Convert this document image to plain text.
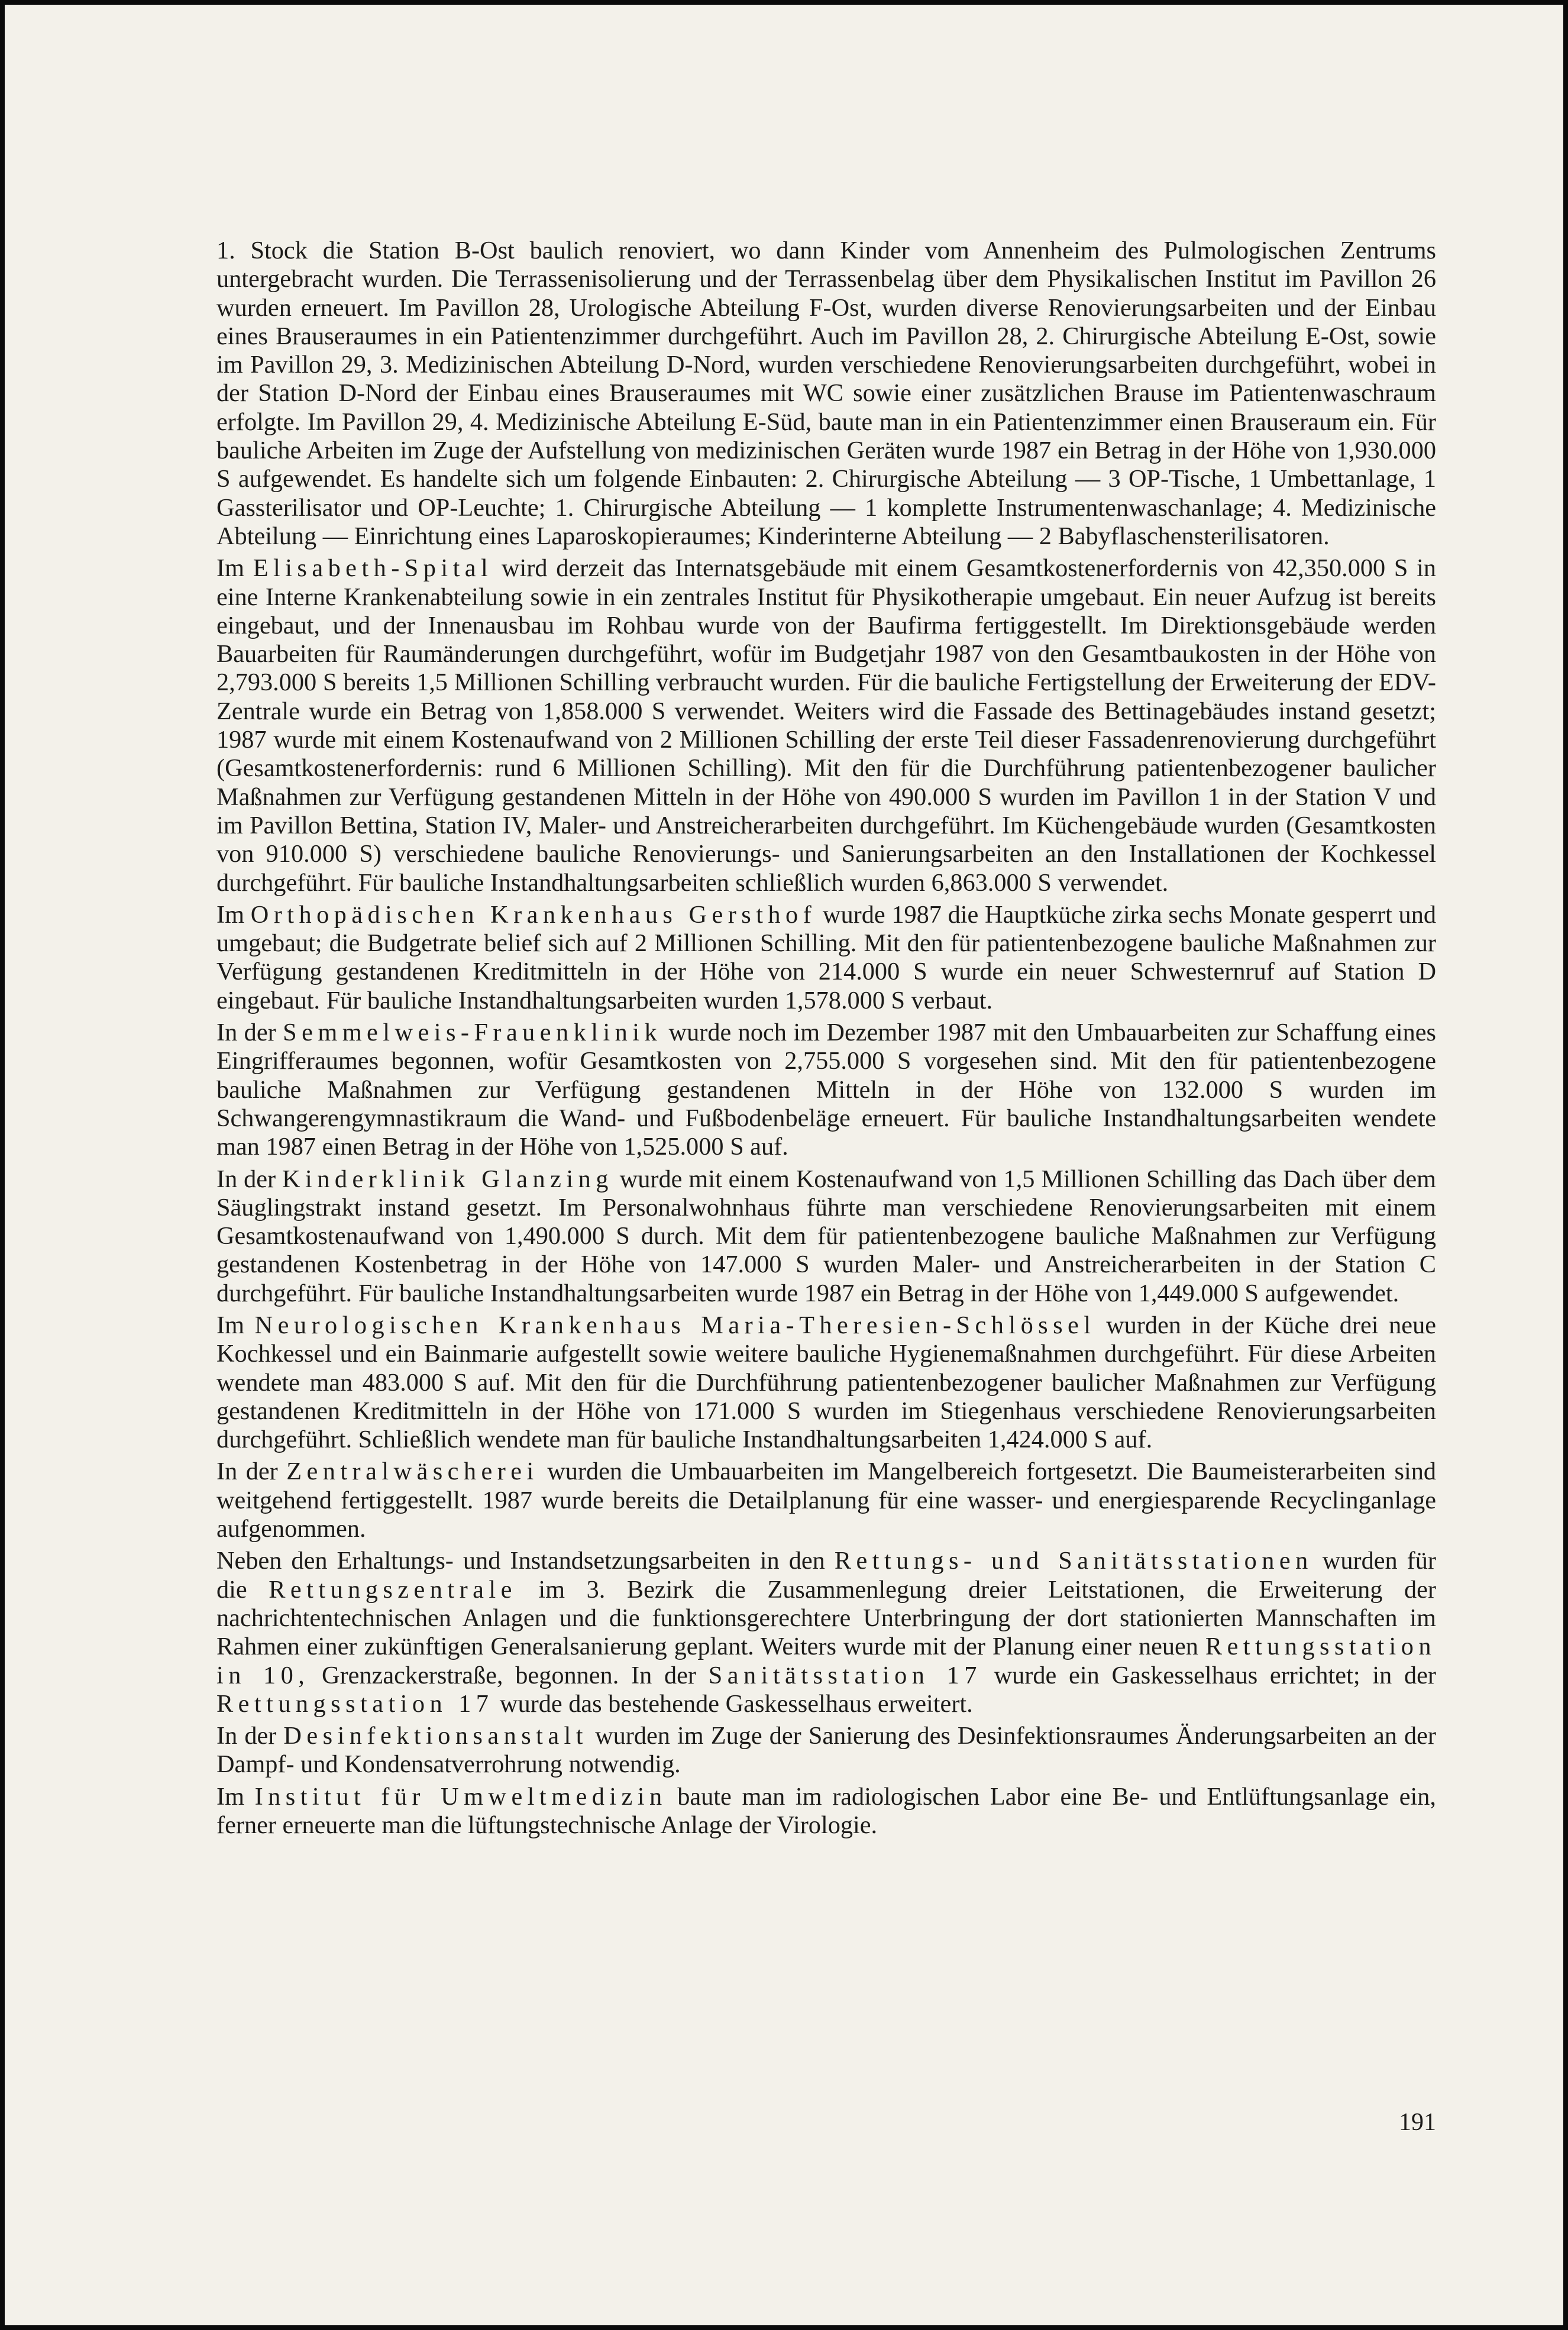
1. Stock die Station B-Ost baulich renoviert, wo dann Kinder vom Annenheim des Pulmologischen Zentrums untergebracht wurden. Die Terrassenisolierung und der Terrassenbelag über dem Physikalischen Institut im Pavillon 26 wurden erneuert. Im Pavillon 28, Urologische Abteilung F-Ost, wurden diverse Renovierungsarbeiten und der Einbau eines Brauseraumes in ein Patientenzimmer durchgeführt. Auch im Pavillon 28, 2. Chirurgische Abteilung E-Ost, sowie im Pavillon 29, 3. Medizinischen Abteilung D-Nord, wurden verschiedene Renovierungsarbeiten durchgeführt, wobei in der Station D-Nord der Einbau eines Brauseraumes mit WC sowie einer zusätzlichen Brause im Patientenwaschraum erfolgte. Im Pavillon 29, 4. Medizinische Abteilung E-Süd, baute man in ein Patientenzimmer einen Brauseraum ein. Für bauliche Arbeiten im Zuge der Aufstellung von medizinischen Geräten wurde 1987 ein Betrag in der Höhe von 1,930.000 S aufgewendet. Es handelte sich um folgende Einbauten: 2. Chirurgische Abteilung — 3 OP-Tische, 1 Umbettanlage, 1 Gassterilisator und OP-Leuchte; 1. Chirurgische Abteilung — 1 komplette Instrumentenwaschanlage; 4. Medizinische Abteilung — Einrichtung eines Laparoskopieraumes; Kinderinterne Abteilung — 2 Babyflaschensterilisatoren.

Im Elisabeth-Spital wird derzeit das Internatsgebäude mit einem Gesamtkostenerfordernis von 42,350.000 S in eine Interne Krankenabteilung sowie in ein zentrales Institut für Physikotherapie umgebaut. Ein neuer Aufzug ist bereits eingebaut, und der Innenausbau im Rohbau wurde von der Baufirma fertiggestellt. Im Direktionsgebäude werden Bauarbeiten für Raumänderungen durchgeführt, wofür im Budgetjahr 1987 von den Gesamtbaukosten in der Höhe von 2,793.000 S bereits 1,5 Millionen Schilling verbraucht wurden. Für die bauliche Fertigstellung der Erweiterung der EDV-Zentrale wurde ein Betrag von 1,858.000 S verwendet. Weiters wird die Fassade des Bettinagebäudes instand gesetzt; 1987 wurde mit einem Kostenaufwand von 2 Millionen Schilling der erste Teil dieser Fassadenrenovierung durchgeführt (Gesamtkostenerfordernis: rund 6 Millionen Schilling). Mit den für die Durchführung patientenbezogener baulicher Maßnahmen zur Verfügung gestandenen Mitteln in der Höhe von 490.000 S wurden im Pavillon 1 in der Station V und im Pavillon Bettina, Station IV, Maler- und Anstreicherarbeiten durchgeführt. Im Küchengebäude wurden (Gesamtkosten von 910.000 S) verschiedene bauliche Renovierungs- und Sanierungsarbeiten an den Installationen der Kochkessel durchgeführt. Für bauliche Instandhaltungsarbeiten schließlich wurden 6,863.000 S verwendet.

Im Orthopädischen Krankenhaus Gersthof wurde 1987 die Hauptküche zirka sechs Monate gesperrt und umgebaut; die Budgetrate belief sich auf 2 Millionen Schilling. Mit den für patientenbezogene bauliche Maßnahmen zur Verfügung gestandenen Kreditmitteln in der Höhe von 214.000 S wurde ein neuer Schwesternruf auf Station D eingebaut. Für bauliche Instandhaltungsarbeiten wurden 1,578.000 S verbaut.

In der Semmelweis-Frauenklinik wurde noch im Dezember 1987 mit den Umbauarbeiten zur Schaffung eines Eingrifferaumes begonnen, wofür Gesamtkosten von 2,755.000 S vorgesehen sind. Mit den für patientenbezogene bauliche Maßnahmen zur Verfügung gestandenen Mitteln in der Höhe von 132.000 S wurden im Schwangerengymnastikraum die Wand- und Fußbodenbeläge erneuert. Für bauliche Instandhaltungsarbeiten wendete man 1987 einen Betrag in der Höhe von 1,525.000 S auf.

In der Kinderklinik Glanzing wurde mit einem Kostenaufwand von 1,5 Millionen Schilling das Dach über dem Säuglingstrakt instand gesetzt. Im Personalwohnhaus führte man verschiedene Renovierungsarbeiten mit einem Gesamtkostenaufwand von 1,490.000 S durch. Mit dem für patientenbezogene bauliche Maßnahmen zur Verfügung gestandenen Kostenbetrag in der Höhe von 147.000 S wurden Maler- und Anstreicherarbeiten in der Station C durchgeführt. Für bauliche Instandhaltungsarbeiten wurde 1987 ein Betrag in der Höhe von 1,449.000 S aufgewendet.

Im Neurologischen Krankenhaus Maria-Theresien-Schlössel wurden in der Küche drei neue Kochkessel und ein Bainmarie aufgestellt sowie weitere bauliche Hygienemaßnahmen durchgeführt. Für diese Arbeiten wendete man 483.000 S auf. Mit den für die Durchführung patientenbezogener baulicher Maßnahmen zur Verfügung gestandenen Kreditmitteln in der Höhe von 171.000 S wurden im Stiegenhaus verschiedene Renovierungsarbeiten durchgeführt. Schließlich wendete man für bauliche Instandhaltungsarbeiten 1,424.000 S auf.

In der Zentralwäscherei wurden die Umbauarbeiten im Mangelbereich fortgesetzt. Die Baumeisterarbeiten sind weitgehend fertiggestellt. 1987 wurde bereits die Detailplanung für eine wasser- und energiesparende Recyclinganlage aufgenommen.

Neben den Erhaltungs- und Instandsetzungsarbeiten in den Rettungs- und Sanitätsstationen wurden für die Rettungszentrale im 3. Bezirk die Zusammenlegung dreier Leitstationen, die Erweiterung der nachrichtentechnischen Anlagen und die funktionsgerechtere Unterbringung der dort stationierten Mannschaften im Rahmen einer zukünftigen Generalsanierung geplant. Weiters wurde mit der Planung einer neuen Rettungsstation in 10, Grenzackerstraße, begonnen. In der Sanitätsstation 17 wurde ein Gaskesselhaus errichtet; in der Rettungsstation 17 wurde das bestehende Gaskesselhaus erweitert.

In der Desinfektionsanstalt wurden im Zuge der Sanierung des Desinfektionsraumes Änderungsarbeiten an der Dampf- und Kondensatverrohrung notwendig.

Im Institut für Umweltmedizin baute man im radiologischen Labor eine Be- und Entlüftungsanlage ein, ferner erneuerte man die lüftungstechnische Anlage der Virologie.

191
